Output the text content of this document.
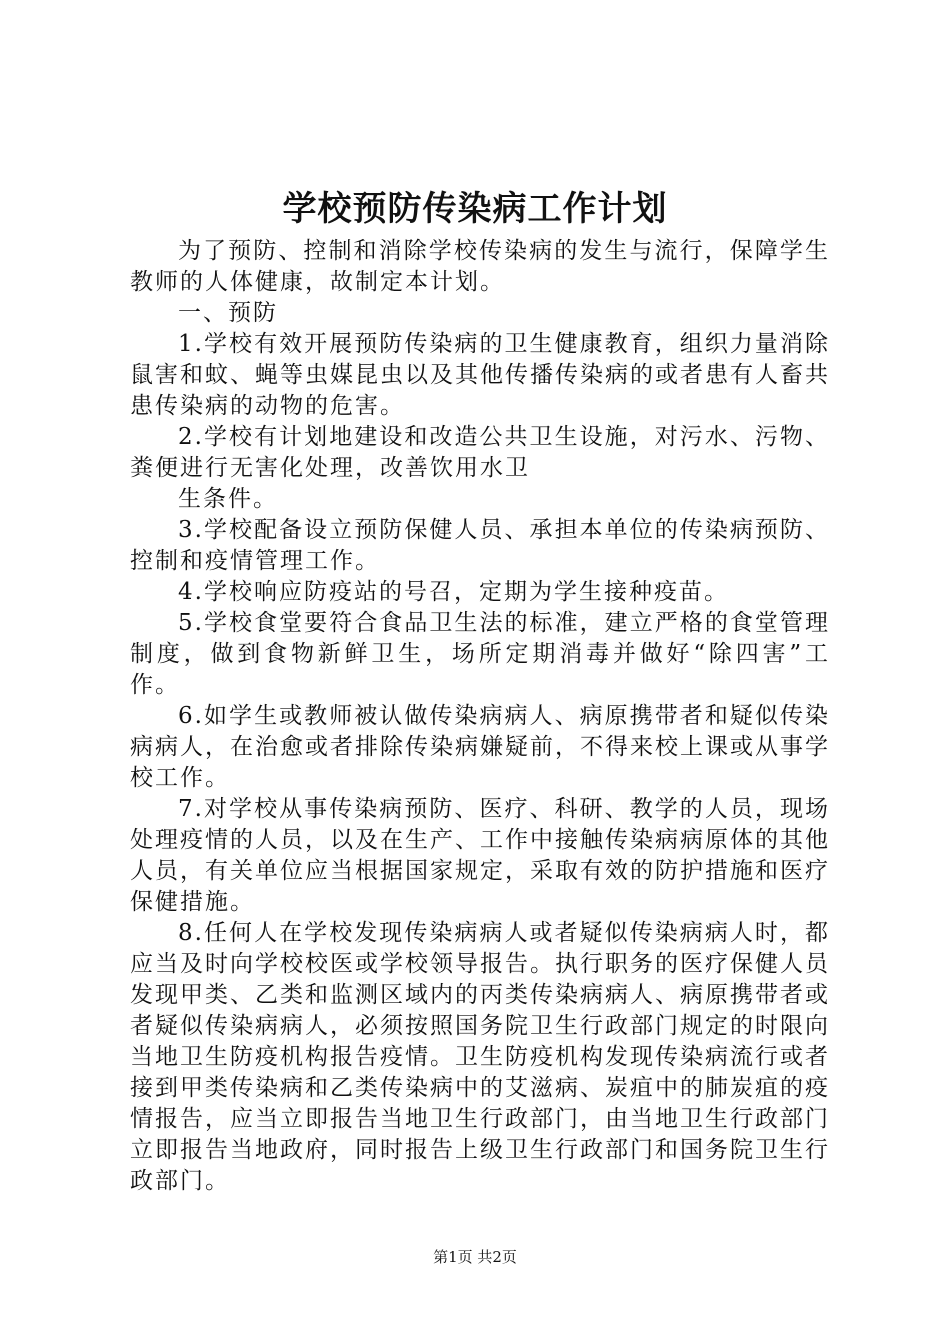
学校预防传染病工作计划

为了预防、控制和消除学校传染病的发生与流行，保障学生教师的人体健康，故制定本计划。

一、预防

1.学校有效开展预防传染病的卫生健康教育，组织力量消除鼠害和蚊、蝇等虫媒昆虫以及其他传播传染病的或者患有人畜共患传染病的动物的危害。

2.学校有计划地建设和改造公共卫生设施，对污水、污物、粪便进行无害化处理，改善饮用水卫

生条件。

3.学校配备设立预防保健人员、承担本单位的传染病预防、控制和疫情管理工作。

4.学校响应防疫站的号召，定期为学生接种疫苗。

5.学校食堂要符合食品卫生法的标准，建立严格的食堂管理制度，做到食物新鲜卫生，场所定期消毒并做好“除四害”工作。

6.如学生或教师被认做传染病病人、病原携带者和疑似传染病病人，在治愈或者排除传染病嫌疑前，不得来校上课或从事学校工作。

7.对学校从事传染病预防、医疗、科研、教学的人员，现场处理疫情的人员，以及在生产、工作中接触传染病病原体的其他人员，有关单位应当根据国家规定，采取有效的防护措施和医疗保健措施。

8.任何人在学校发现传染病病人或者疑似传染病病人时，都应当及时向学校校医或学校领导报告。执行职务的医疗保健人员发现甲类、乙类和监测区域内的丙类传染病病人、病原携带者或者疑似传染病病人，必须按照国务院卫生行政部门规定的时限向当地卫生防疫机构报告疫情。卫生防疫机构发现传染病流行或者接到甲类传染病和乙类传染病中的艾滋病、炭疽中的肺炭疽的疫情报告，应当立即报告当地卫生行政部门，由当地卫生行政部门立即报告当地政府，同时报告上级卫生行政部门和国务院卫生行政部门。

第1页 共2页
